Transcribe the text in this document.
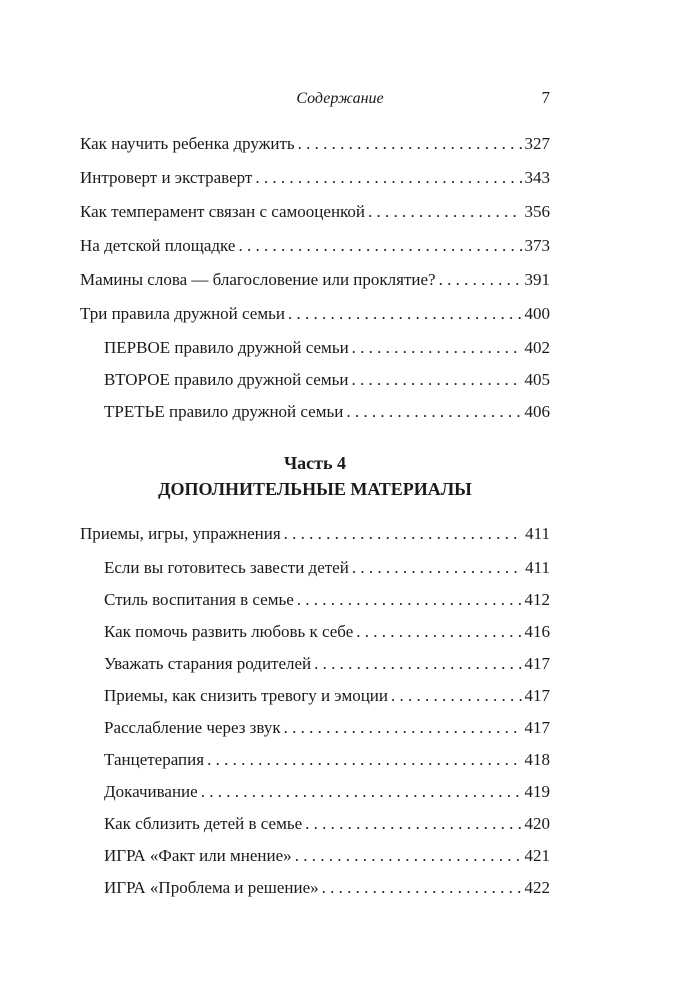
Содержание	7
Как научить ребенка дружить . . .	327
Интроверт и экстраверт . . .	343
Как темперамент связан с самооценкой . . .	356
На детской площадке . . .	373
Мамины слова — благословение или проклятие? . . .	391
Три правила дружной семьи . . .	400
ПЕРВОЕ правило дружной семьи . . .	402
ВТОРОЕ правило дружной семьи . . .	405
ТРЕТЬЕ правило дружной семьи . . .	406
Часть 4
ДОПОЛНИТЕЛЬНЫЕ МАТЕРИАЛЫ
Приемы, игры, упражнения . . .	411
Если вы готовитесь завести детей . . .	411
Стиль воспитания в семье . . .	412
Как помочь развить любовь к себе . . .	416
Уважать старания родителей . . .	417
Приемы, как снизить тревогу и эмоции . . .	417
Расслабление через звук . . .	417
Танцетерапия . . .	418
Докачивание . . .	419
Как сблизить детей в семье . . .	420
ИГРА «Факт или мнение» . . .	421
ИГРА «Проблема и решение» . . .	422
